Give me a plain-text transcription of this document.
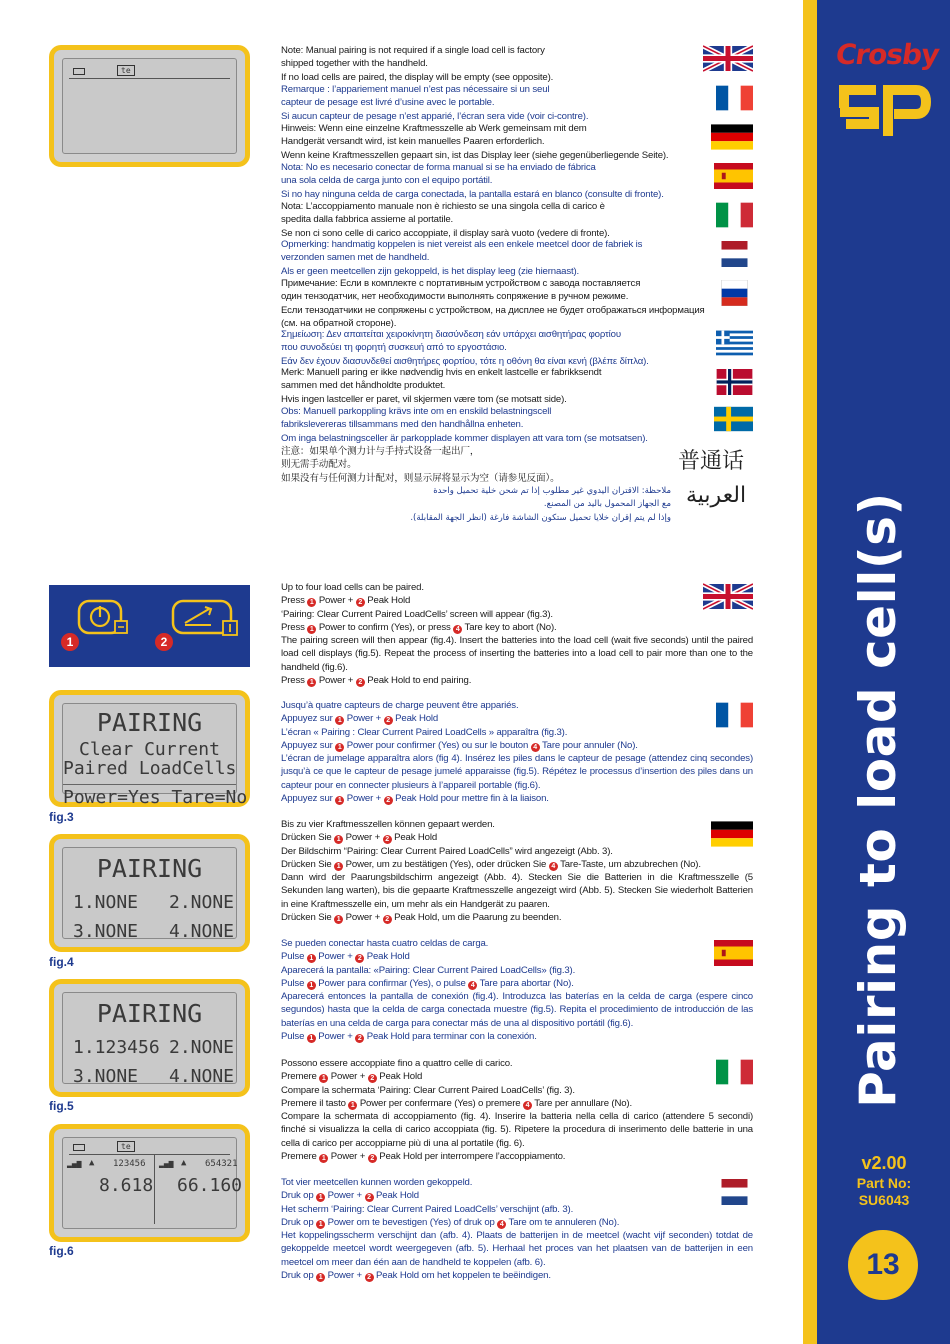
Crosby
Pairing to load cell(s)
v2.00
Part No:
SU6043
13
te

Note: Manual pairing is not required if a single load cell is factory

shipped together with the handheld.

If no load cells are paired, the display will be empty (see opposite).

Remarque : l’appariement manuel n’est pas nécessaire si un seul

capteur de pesage est livré d’usine avec le portable.

Si aucun capteur de pesage n’est apparié, l’écran sera vide (voir ci-contre).

Hinweis: Wenn eine einzelne Kraftmesszelle ab Werk gemeinsam mit dem

Handgerät versandt wird, ist kein manuelles Paaren erforderlich.

Wenn keine Kraftmesszellen gepaart sin, ist das Display leer (siehe gegenüberliegende Seite).

Nota: No es necesario conectar de forma manual si se ha enviado de fábrica

una sola celda de carga junto con el equipo portátil.

Si no hay ninguna celda de carga conectada, la pantalla estará en blanco (consulte di fronte).

Nota: L’accoppiamento manuale non è richiesto se una singola cella di carico è

spedita dalla fabbrica assieme al portatile.

Se non ci sono celle di carico accoppiate, il display sarà vuoto (vedere di fronte).

Opmerking: handmatig koppelen is niet vereist als een enkele meetcel door de fabriek is

verzonden samen met de handheld.

Als er geen meetcellen zijn gekoppeld, is het display leeg (zie hiernaast).

Примечание: Если в комплекте с портативным устройством с завода поставляется

один тензодатчик, нет необходимости выполнять сопряжение в ручном режиме.

Если тензодатчики не сопряжены с устройством, на дисплее не будет отображаться информация

(см. на обратной стороне).

Σημείωση: Δεν απαιτείται χειροκίνητη διασύνδεση εάν υπάρχει αισθητήρας φορτίου

που συνοδεύει τη φορητή συσκευή από το εργοστάσιο.

Εάν δεν έχουν διασυνδεθεί αισθητήρες φορτίου, τότε η οθόνη θα είναι κενή (βλέπε δίπλα).

Merk: Manuell paring er ikke nødvendig hvis en enkelt lastcelle er fabrikksendt

sammen med det håndholdte produktet.

Hvis ingen lastceller er paret, vil skjermen være tom (se motsatt side).

Obs: Manuell parkoppling krävs inte om en enskild belastningscell

fabrikslevereras tillsammans med den handhållna enheten.

Om inga belastningsceller är parkopplade kommer displayen att vara tom (se motsatsen).

注意：如果单个测力计与手持式设备一起出厂，

则无需手动配对。

如果没有与任何测力计配对，则显示屏将显示为空（请参见反面）。

ملاحظة: الاقتران اليدوي غير مطلوب إذا تم شحن خلية تحميل واحدة

مع الجهاز المحمول باليد من المصنع.

وإذا لم يتم إقران خلايا تحميل ستكون الشاشة فارغة (انظر الجهة المقابلة).

普通话
العربية
1	2
PAIRING
Clear Current
Paired LoadCells
Power=Yes Tare=No
fig.3
PAIRING
1.NONE 2.NONE
3.NONE 4.NONE
fig.4
PAIRING
1.123456 2.NONE
3.NONE 4.NONE
fig.5
te
▂▄▆ ▲ 123456 ▂▄▆ ▲ 654321
8.618 66.160
fig.6

Up to four load cells can be paired.

Press 1 Power + 2 Peak Hold

‘Pairing: Clear Current Paired LoadCells’ screen will appear (fig.3).

Press 1 Power to confirm (Yes), or press 4 Tare key to abort (No).

The pairing screen will then appear (fig.4). Insert the batteries into the load cell (wait five seconds) until the paired load cell displays (fig.5). Repeat the process of inserting the batteries into a load cell to pair more than one to the handheld (fig.6).

Press 1 Power + 2 Peak Hold to end pairing.

Jusqu’à quatre capteurs de charge peuvent être appariés.

Appuyez sur 1 Power + 2 Peak Hold

L’écran « Pairing : Clear Current Paired LoadCells » apparaîtra (fig.3).

Appuyez sur 1 Power pour confirmer (Yes) ou sur le bouton 4 Tare pour annuler (No).

L’écran de jumelage apparaîtra alors (fig 4). Insérez les piles dans le capteur de pesage (attendez cinq secondes) jusqu’à ce que le capteur de pesage jumelé apparaisse (fig.5). Répétez le processus d’insertion des piles dans un capteur pour en connecter plusieurs à l’appareil portable (fig.6).

Appuyez sur 1 Power + 2 Peak Hold pour mettre fin à la liaison.

Bis zu vier Kraftmesszellen können gepaart werden.

Drücken Sie 1 Power + 2 Peak Hold

Der Bildschirm “Pairing: Clear Current Paired LoadCells” wird angezeigt (Abb. 3).

Drücken Sie 1 Power, um zu bestätigen (Yes), oder drücken Sie 4 Tare-Taste, um abzubrechen (No).

Dann wird der Paarungsbildschirm angezeigt (Abb. 4). Stecken Sie die Batterien in die Kraftmesszelle (5 Sekunden lang warten), bis die gepaarte Kraftmesszelle angezeigt wird (Abb. 5). Stecken Sie wiederholt Batterien in eine Kraftmesszelle ein, um mehr als ein Handgerät zu paaren.

Drücken Sie 1 Power + 2 Peak Hold, um die Paarung zu beenden.

Se pueden conectar hasta cuatro celdas de carga.

Pulse 1 Power + 2 Peak Hold

Aparecerá la pantalla: «Pairing: Clear Current Paired LoadCells» (fig.3).

Pulse 1 Power para confirmar (Yes), o pulse 4 Tare para abortar (No).

Aparecerá entonces la pantalla de conexión (fig.4). Introduzca las baterías en la celda de carga (espere cinco segundos) hasta que la celda de carga conectada muestre (fig.5). Repita el procedimiento de introducción de las baterías en una celda de carga para conectar más de una al dispositivo portátil (fig.6).

Pulse 1 Power + 2 Peak Hold para terminar con la conexión.

Possono essere accoppiate fino a quattro celle di carico.

Premere 1 Power + 2 Peak Hold

Compare la schermata ‘Pairing: Clear Current Paired LoadCells’ (fig. 3).

Premere il tasto 1 Power per confermare (Yes) o premere 4 Tare per annullare (No).

Compare la schermata di accoppiamento (fig. 4). Inserire la batteria nella cella di carico (attendere 5 secondi) finché si visualizza la cella di carico accoppiata (fig. 5). Ripetere la procedura di inserimento delle batterie in una cella di carico per accoppiarne più di una al portatile (fig. 6).

Premere 1 Power + 2 Peak Hold per interrompere l’accoppiamento.

Tot vier meetcellen kunnen worden gekoppeld.

Druk op 1 Power + 2 Peak Hold

Het scherm ‘Pairing: Clear Current Paired LoadCells’ verschijnt (afb. 3).

Druk op 1 Power om te bevestigen (Yes) of druk op 4 Tare om te annuleren (No).

Het koppelingsscherm verschijnt dan (afb. 4). Plaats de batterijen in de meetcel (wacht vijf seconden) totdat de gekoppelde meetcel wordt weergegeven (afb. 5). Herhaal het proces van het plaatsen van de batterijen in een meetcel om meer dan één aan de handheld te koppelen (afb. 6).

Druk op 1 Power + 2 Peak Hold om het koppelen te beëindigen.
